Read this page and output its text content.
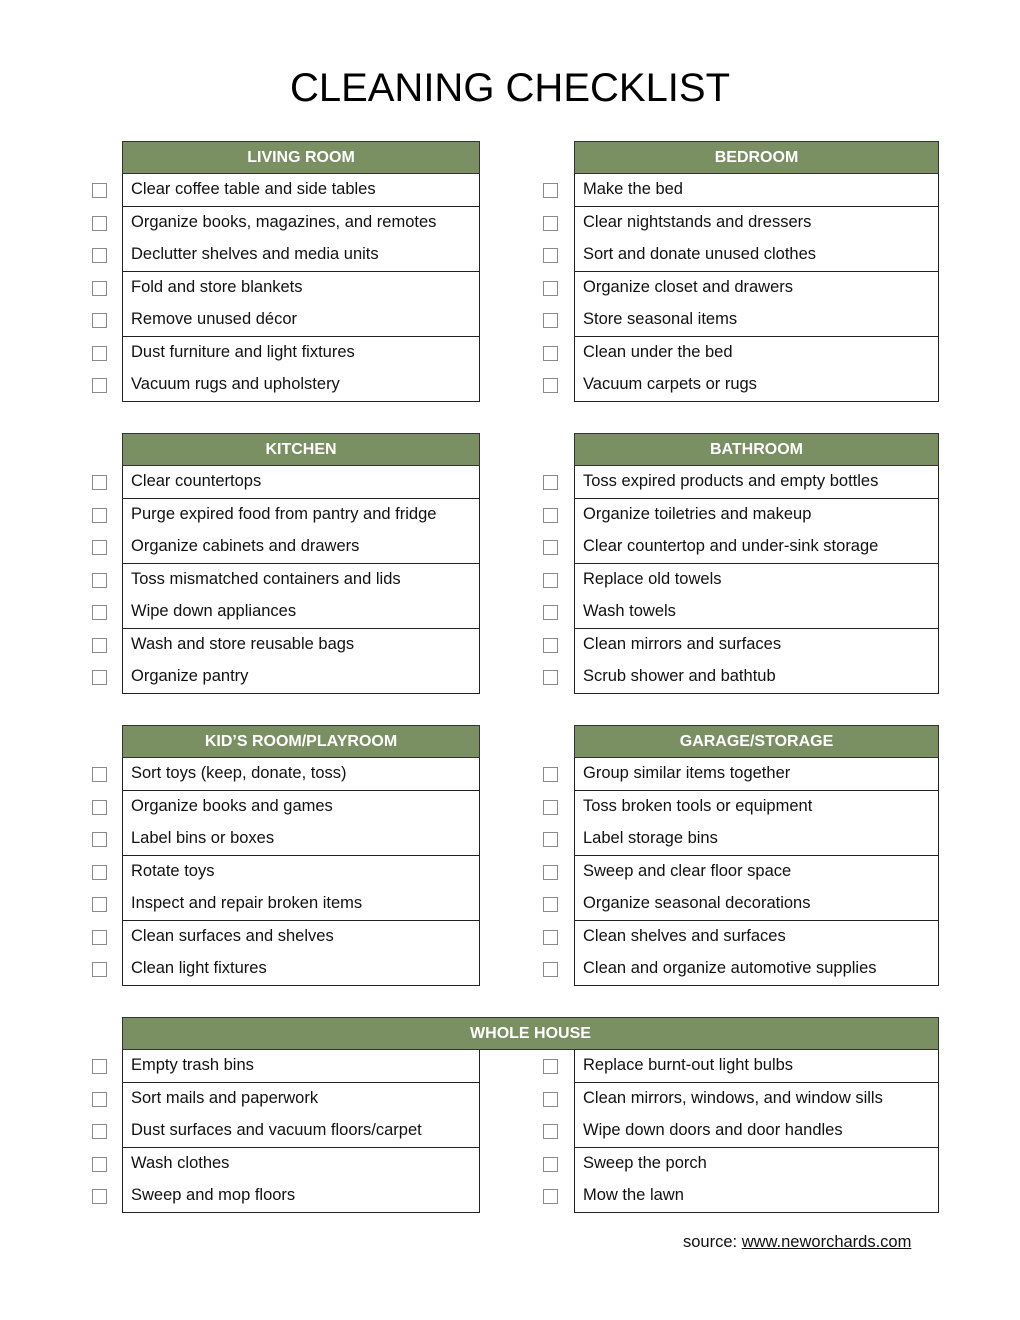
CLEANING CHECKLIST
LIVING ROOM
Clear coffee table and side tables
Organize books, magazines, and remotes
Declutter shelves and media units
Fold and store blankets
Remove unused décor
Dust furniture and light fixtures
Vacuum rugs and upholstery
BEDROOM
Make the bed
Clear nightstands and dressers
Sort and donate unused clothes
Organize closet and drawers
Store seasonal items
Clean under the bed
Vacuum carpets or rugs
KITCHEN
Clear countertops
Purge expired food from pantry and fridge
Organize cabinets and drawers
Toss mismatched containers and lids
Wipe down appliances
Wash and store reusable bags
Organize pantry
BATHROOM
Toss expired products and empty bottles
Organize toiletries and makeup
Clear countertop and under-sink storage
Replace old towels
Wash towels
Clean mirrors and surfaces
Scrub shower and bathtub
KID’S ROOM/PLAYROOM
Sort toys (keep, donate, toss)
Organize books and games
Label bins or boxes
Rotate toys
Inspect and repair broken items
Clean surfaces and shelves
Clean light fixtures
GARAGE/STORAGE
Group similar items together
Toss broken tools or equipment
Label storage bins
Sweep and clear floor space
Organize seasonal decorations
Clean shelves and surfaces
Clean and organize automotive supplies
WHOLE HOUSE
Empty trash bins
Sort mails and paperwork
Dust surfaces and vacuum floors/carpet
Wash clothes
Sweep and mop floors
Replace burnt-out light bulbs
Clean mirrors, windows, and window sills
Wipe down doors and door handles
Sweep the porch
Mow the lawn
source: www.neworchards.com
